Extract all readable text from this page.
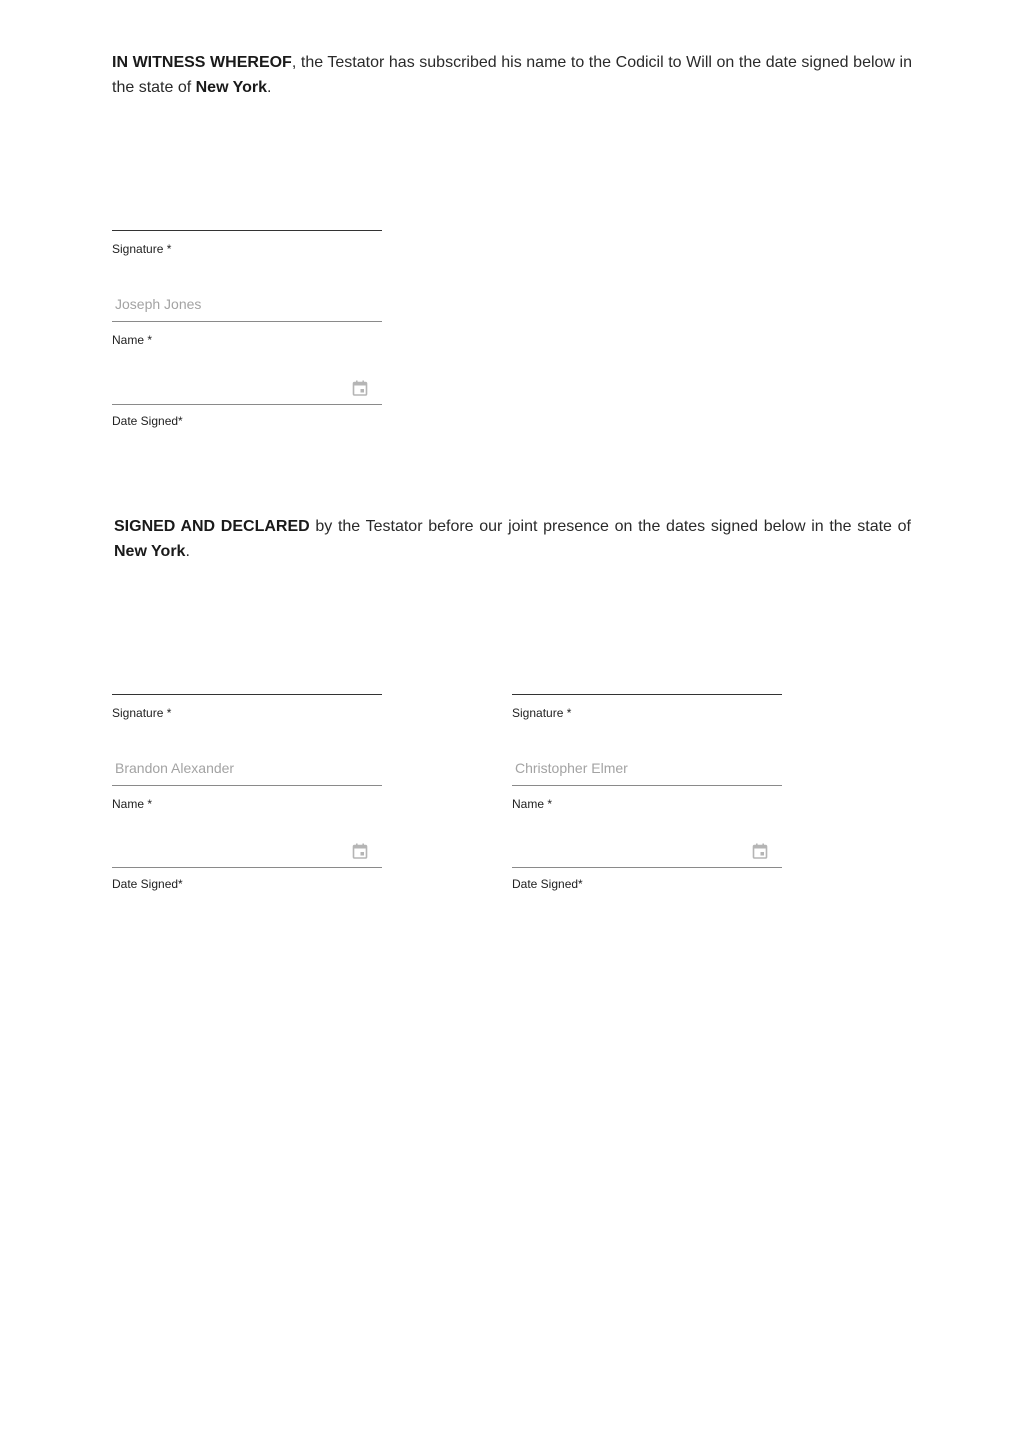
IN WITNESS WHEREOF, the Testator has subscribed his name to the Codicil to Will on the date signed below in the state of New York.

Signature *
Joseph Jones
Name *
Date Signed*

SIGNED AND DECLARED by the Testator before our joint presence on the dates signed below in the state of New York.

Signature *
Brandon Alexander
Name *
Date Signed*
Signature *
Christopher Elmer
Name *
Date Signed*
